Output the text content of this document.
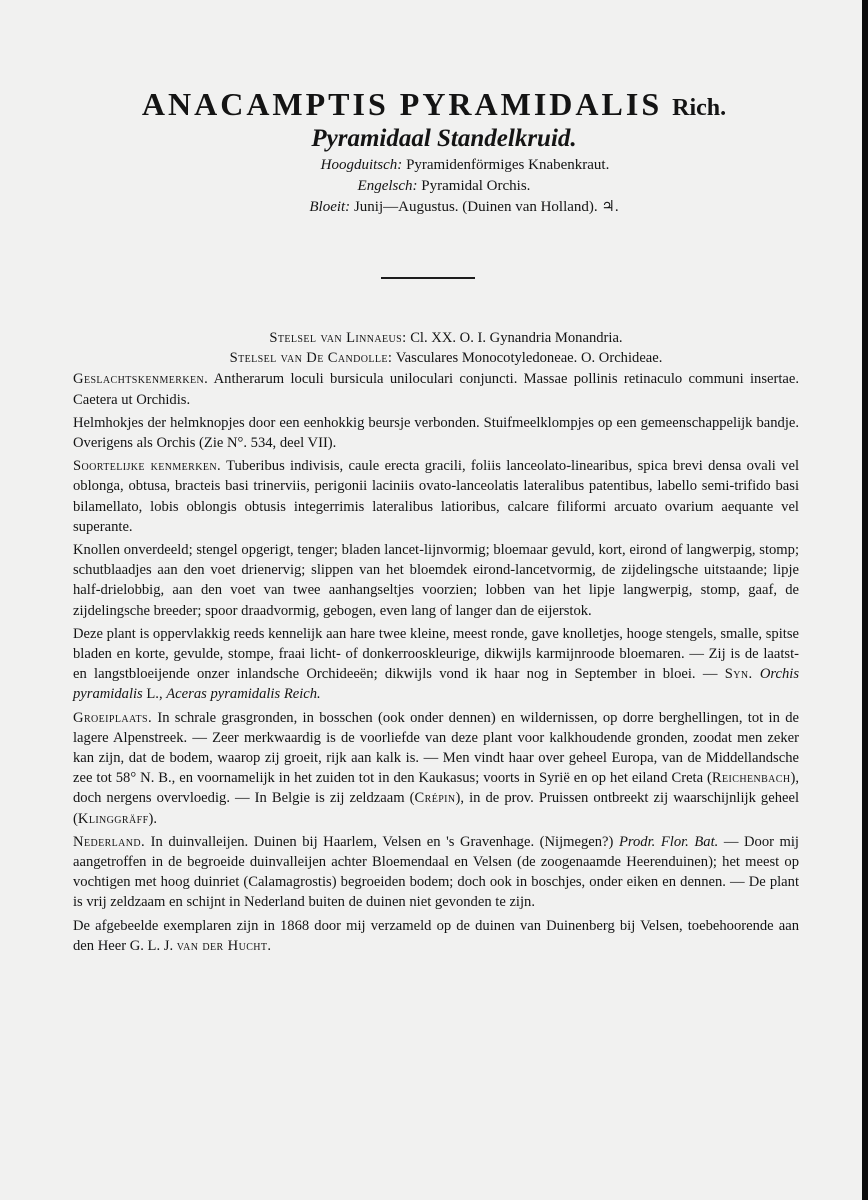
ANACAMPTIS PYRAMIDALIS Rich.
Pyramidaal Standelkruid.
Hoogduitsch: Pyramidenförmiges Knabenkraut.
Engelsch: Pyramidal Orchis.
Bloeit: Junij—Augustus. (Duinen van Holland). ♃.
Stelsel van Linnaeus: Cl. XX. O. I. Gynandria Monandria.
Stelsel van De Candolle: Vasculares Monocotyledoneae. O. Orchideae.

Geslachtskenmerken. Antherarum loculi bursicula uniloculari conjuncti. Massae pollinis retinaculo communi insertae. Caetera ut Orchidis.

Helmhokjes der helmknopjes door een eenhokkig beursje verbonden. Stuifmeelklompjes op een gemeenschappelijk bandje. Overigens als Orchis (Zie N°. 534, deel VII).

Soortelijke kenmerken. Tuberibus indivisis, caule erecta gracili, foliis lanceolato-linearibus, spica brevi densa ovali vel oblonga, obtusa, bracteis basi trinerviis, perigonii laciniis ovato-lanceolatis lateralibus patentibus, labello semi-trifido basi bilamellato, lobis oblongis obtusis integerrimis lateralibus latioribus, calcare filiformi arcuato ovarium aequante vel superante.

Knollen onverdeeld; stengel opgerigt, tenger; bladen lancet-lijnvormig; bloemaar gevuld, kort, eirond of langwerpig, stomp; schutblaadjes aan den voet drienervig; slippen van het bloemdek eirond-lancetvormig, de zijdelingsche uitstaande; lipje half-drielobbig, aan den voet van twee aanhangseltjes voorzien; lobben van het lipje langwerpig, stomp, gaaf, de zijdelingsche breeder; spoor draadvormig, gebogen, even lang of langer dan de eijerstok.

Deze plant is oppervlakkig reeds kennelijk aan hare twee kleine, meest ronde, gave knolletjes, hooge stengels, smalle, spitse bladen en korte, gevulde, stompe, fraai licht- of donkerrooskleurige, dikwijls karmijnroode bloemaren. — Zij is de laatst- en langstbloeijende onzer inlandsche Orchideeën; dikwijls vond ik haar nog in September in bloei. — Syn. Orchis pyramidalis L., Aceras pyramidalis Reich.

Groeiplaats. In schrale grasgronden, in bosschen (ook onder dennen) en wildernissen, op dorre berghellingen, tot in de lagere Alpenstreek. — Zeer merkwaardig is de voorliefde van deze plant voor kalkhoudende gronden, zoodat men zeker kan zijn, dat de bodem, waarop zij groeit, rijk aan kalk is. — Men vindt haar over geheel Europa, van de Middellandsche zee tot 58° N. B., en voornamelijk in het zuiden tot in den Kaukasus; voorts in Syrië en op het eiland Creta (Reichenbach), doch nergens overvloedig. — In Belgie is zij zeldzaam (Crépin), in de prov. Pruissen ontbreekt zij waarschijnlijk geheel (Klinggräff).

Nederland. In duinvalleijen. Duinen bij Haarlem, Velsen en 's Gravenhage. (Nijmegen?) Prodr. Flor. Bat. — Door mij aangetroffen in de begroeide duinvalleijen achter Bloemendaal en Velsen (de zoogenaamde Heerenduinen); het meest op vochtigen met hoog duinriet (Calamagrostis) begroeiden bodem; doch ook in boschjes, onder eiken en dennen. — De plant is vrij zeldzaam en schijnt in Nederland buiten de duinen niet gevonden te zijn.

De afgebeelde exemplaren zijn in 1868 door mij verzameld op de duinen van Duinenberg bij Velsen, toebehoorende aan den Heer G. L. J. van der Hucht.
